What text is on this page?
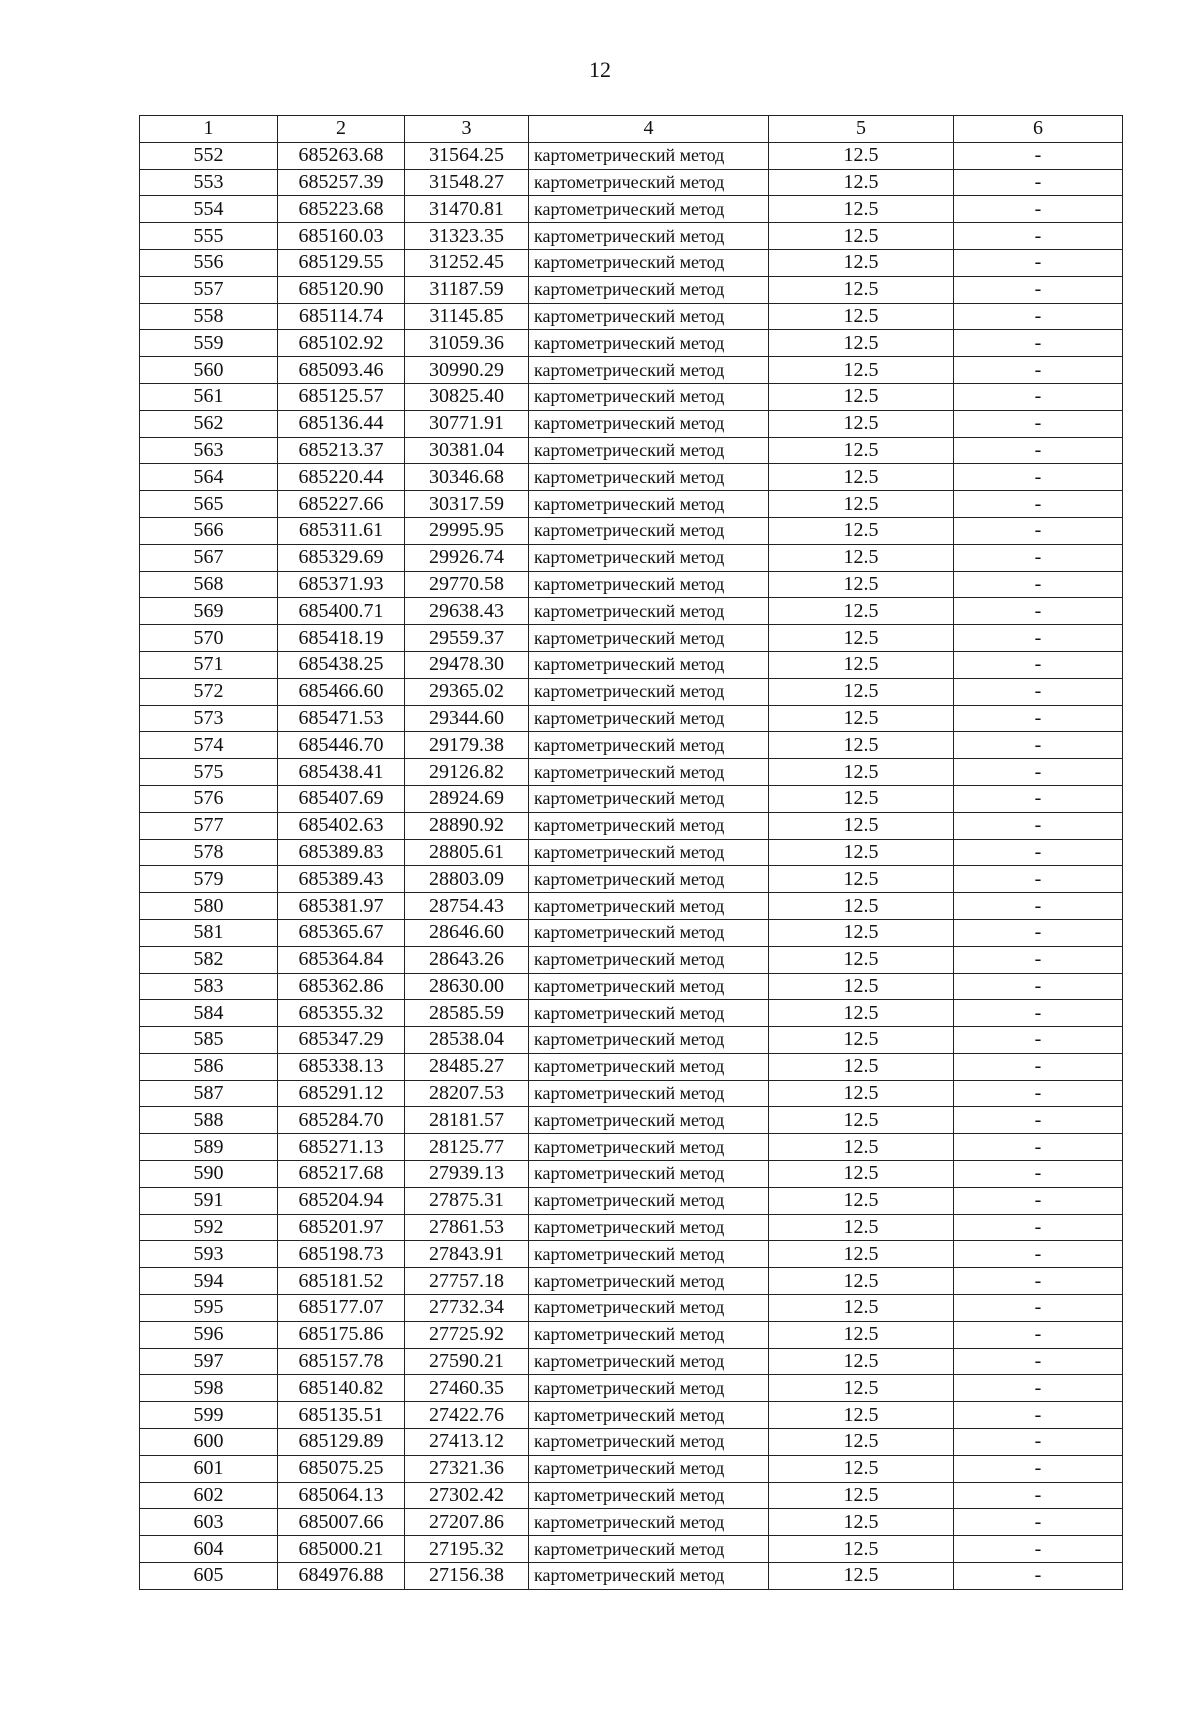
12
1	2	3	4	5	6
552	685263.68	31564.25	картометрический метод	12.5	-
553	685257.39	31548.27	картометрический метод	12.5	-
554	685223.68	31470.81	картометрический метод	12.5	-
555	685160.03	31323.35	картометрический метод	12.5	-
556	685129.55	31252.45	картометрический метод	12.5	-
557	685120.90	31187.59	картометрический метод	12.5	-
558	685114.74	31145.85	картометрический метод	12.5	-
559	685102.92	31059.36	картометрический метод	12.5	-
560	685093.46	30990.29	картометрический метод	12.5	-
561	685125.57	30825.40	картометрический метод	12.5	-
562	685136.44	30771.91	картометрический метод	12.5	-
563	685213.37	30381.04	картометрический метод	12.5	-
564	685220.44	30346.68	картометрический метод	12.5	-
565	685227.66	30317.59	картометрический метод	12.5	-
566	685311.61	29995.95	картометрический метод	12.5	-
567	685329.69	29926.74	картометрический метод	12.5	-
568	685371.93	29770.58	картометрический метод	12.5	-
569	685400.71	29638.43	картометрический метод	12.5	-
570	685418.19	29559.37	картометрический метод	12.5	-
571	685438.25	29478.30	картометрический метод	12.5	-
572	685466.60	29365.02	картометрический метод	12.5	-
573	685471.53	29344.60	картометрический метод	12.5	-
574	685446.70	29179.38	картометрический метод	12.5	-
575	685438.41	29126.82	картометрический метод	12.5	-
576	685407.69	28924.69	картометрический метод	12.5	-
577	685402.63	28890.92	картометрический метод	12.5	-
578	685389.83	28805.61	картометрический метод	12.5	-
579	685389.43	28803.09	картометрический метод	12.5	-
580	685381.97	28754.43	картометрический метод	12.5	-
581	685365.67	28646.60	картометрический метод	12.5	-
582	685364.84	28643.26	картометрический метод	12.5	-
583	685362.86	28630.00	картометрический метод	12.5	-
584	685355.32	28585.59	картометрический метод	12.5	-
585	685347.29	28538.04	картометрический метод	12.5	-
586	685338.13	28485.27	картометрический метод	12.5	-
587	685291.12	28207.53	картометрический метод	12.5	-
588	685284.70	28181.57	картометрический метод	12.5	-
589	685271.13	28125.77	картометрический метод	12.5	-
590	685217.68	27939.13	картометрический метод	12.5	-
591	685204.94	27875.31	картометрический метод	12.5	-
592	685201.97	27861.53	картометрический метод	12.5	-
593	685198.73	27843.91	картометрический метод	12.5	-
594	685181.52	27757.18	картометрический метод	12.5	-
595	685177.07	27732.34	картометрический метод	12.5	-
596	685175.86	27725.92	картометрический метод	12.5	-
597	685157.78	27590.21	картометрический метод	12.5	-
598	685140.82	27460.35	картометрический метод	12.5	-
599	685135.51	27422.76	картометрический метод	12.5	-
600	685129.89	27413.12	картометрический метод	12.5	-
601	685075.25	27321.36	картометрический метод	12.5	-
602	685064.13	27302.42	картометрический метод	12.5	-
603	685007.66	27207.86	картометрический метод	12.5	-
604	685000.21	27195.32	картометрический метод	12.5	-
605	684976.88	27156.38	картометрический метод	12.5	-
